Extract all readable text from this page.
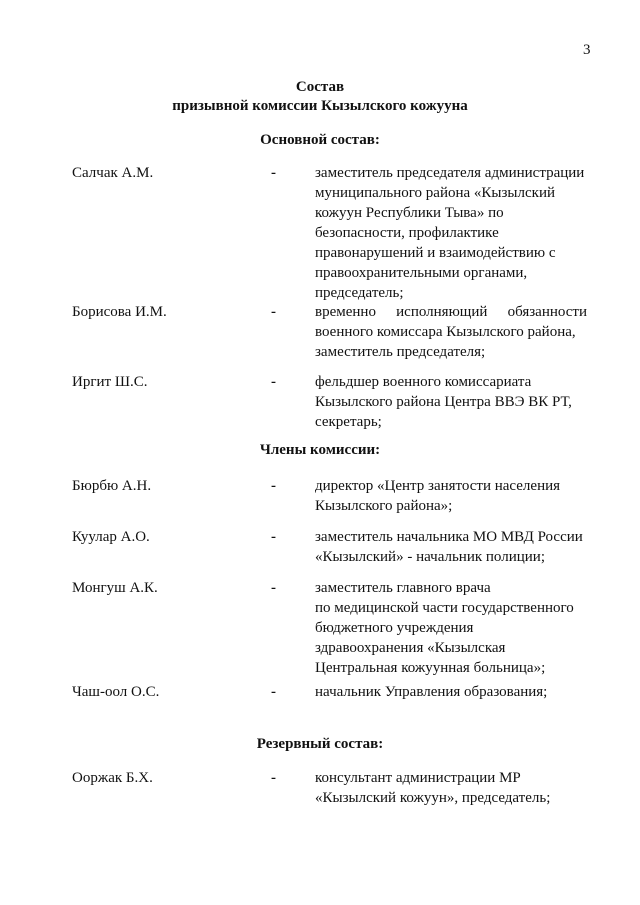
3
Состав
призывной комиссии Кызылского кожууна
Основной состав:
Салчак А.М.	-	заместитель председателя администрации
муниципального района «Кызылский
кожуун Республики Тыва» по
безопасности, профилактике
правонарушений и взаимодействию с
правоохранительными органами,
председатель;
Борисова И.М.	-	временно исполняющий обязанности
военного комиссара Кызылского района,
заместитель председателя;
Иргит Ш.С.	-	фельдшер военного комиссариата
Кызылского района Центра ВВЭ ВК РТ,
секретарь;
Члены комиссии:
Бюрбю А.Н.	-	директор «Центр занятости населения
Кызылского района»;
Куулар А.О.	-	заместитель начальника МО МВД России
«Кызылский» - начальник полиции;
Монгуш А.К.	-	заместитель главного врача
по медицинской части государственного
бюджетного учреждения
здравоохранения «Кызылская
Центральная кожуунная больница»;
Чаш-оол О.С.	-	начальник Управления образования;
Резервный состав:
Ооржак Б.Х.	-	консультант администрации МР
«Кызылский кожуун», председатель;
